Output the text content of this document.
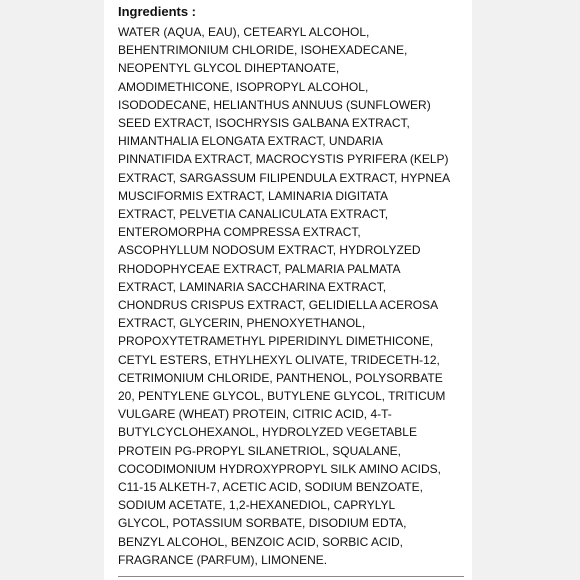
Ingredients :
WATER (AQUA, EAU), CETEARYL ALCOHOL,
BEHENTRIMONIUM CHLORIDE, ISOHEXADECANE,
NEOPENTYL GLYCOL DIHEPTANOATE,
AMODIMETHICONE, ISOPROPYL ALCOHOL,
ISODODECANE, HELIANTHUS ANNUUS (SUNFLOWER)
SEED EXTRACT, ISOCHRYSIS GALBANA EXTRACT,
HIMANTHALIA ELONGATA EXTRACT, UNDARIA
PINNATIFIDA EXTRACT, MACROCYSTIS PYRIFERA (KELP)
EXTRACT, SARGASSUM FILIPENDULA EXTRACT, HYPNEA
MUSCIFORMIS EXTRACT, LAMINARIA DIGITATA
EXTRACT, PELVETIA CANALICULATA EXTRACT,
ENTEROMORPHA COMPRESSA EXTRACT,
ASCOPHYLLUM NODOSUM EXTRACT, HYDROLYZED
RHODOPHYCEAE EXTRACT, PALMARIA PALMATA
EXTRACT, LAMINARIA SACCHARINA EXTRACT,
CHONDRUS CRISPUS EXTRACT, GELIDIELLA ACEROSA
EXTRACT, GLYCERIN, PHENOXYETHANOL,
PROPOXYTETRAMETHYL PIPERIDINYL DIMETHICONE,
CETYL ESTERS, ETHYLHEXYL OLIVATE, TRIDECETH-12,
CETRIMONIUM CHLORIDE, PANTHENOL, POLYSORBATE
20, PENTYLENE GLYCOL, BUTYLENE GLYCOL, TRITICUM
VULGARE (WHEAT) PROTEIN, CITRIC ACID, 4-T-
BUTYLCYCLOHEXANOL, HYDROLYZED VEGETABLE
PROTEIN PG-PROPYL SILANETRIOL, SQUALANE,
COCODIMONIUM HYDROXYPROPYL SILK AMINO ACIDS,
C11-15 ALKETH-7, ACETIC ACID, SODIUM BENZOATE,
SODIUM ACETATE, 1,2-HEXANEDIOL, CAPRYLYL
GLYCOL, POTASSIUM SORBATE, DISODIUM EDTA,
BENZYL ALCOHOL, BENZOIC ACID, SORBIC ACID,
FRAGRANCE (PARFUM), LIMONENE.
